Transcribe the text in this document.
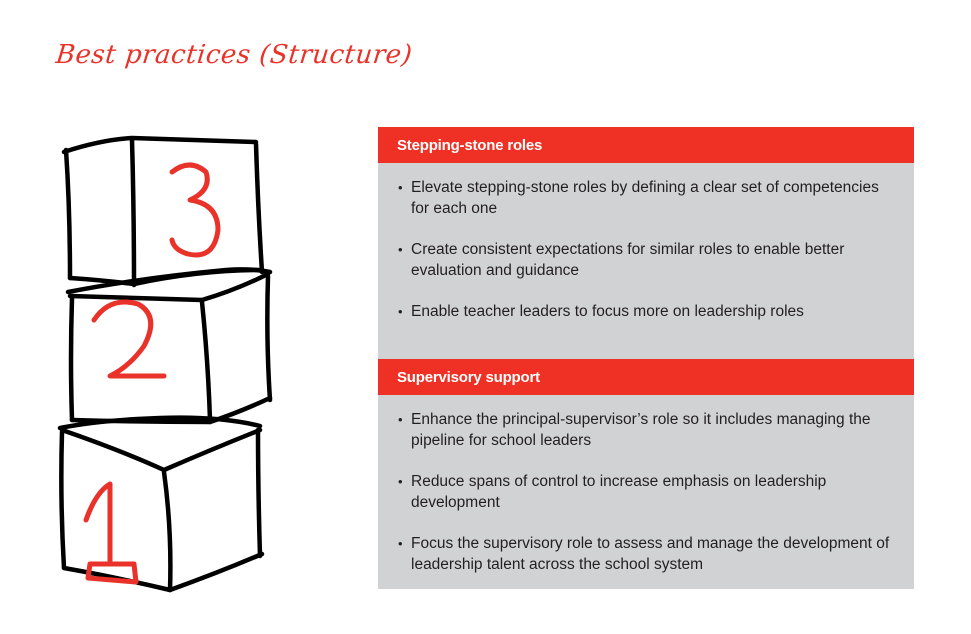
Best practices (Structure)
Stepping-stone roles
• Elevate stepping-stone roles by defining a clear set of competencies for each one
• Create consistent expectations for similar roles to enable better evaluation and guidance
• Enable teacher leaders to focus more on leadership roles
Supervisory support
• Enhance the principal-supervisor’s role so it includes managing the pipeline for school leaders
• Reduce spans of control to increase emphasis on leadership development
• Focus the supervisory role to assess and manage the development of leadership talent across the school system
